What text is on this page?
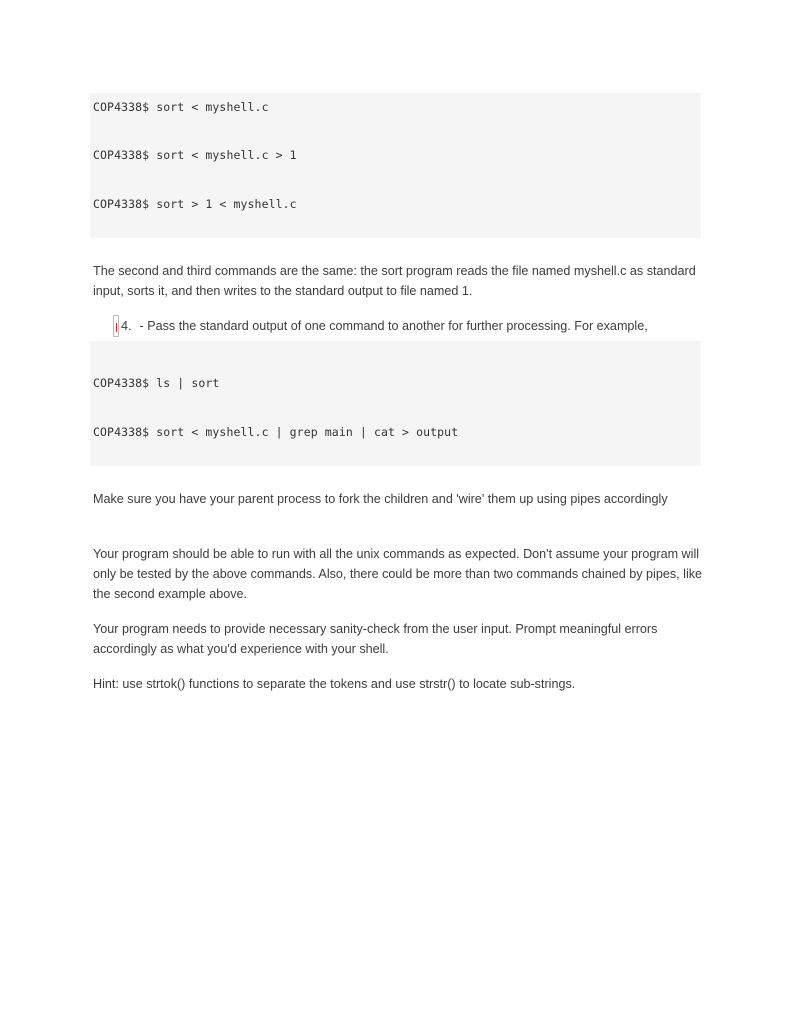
COP4338$ sort < myshell.c
COP4338$ sort < myshell.c > 1
COP4338$ sort > 1 < myshell.c

The second and third commands are the same: the sort program reads the file named myshell.c as standard input, sorts it, and then writes to the standard output to file named 1.

4. - Pass the standard output of one command to another for further processing. For example,
COP4338$ ls | sort
COP4338$ sort < myshell.c | grep main | cat > output

Make sure you have your parent process to fork the children and 'wire' them up using pipes accordingly

Your program should be able to run with all the unix commands as expected. Don't assume your program will only be tested by the above commands. Also, there could be more than two commands chained by pipes, like the second example above.

Your program needs to provide necessary sanity-check from the user input. Prompt meaningful errors accordingly as what you'd experience with your shell.

Hint: use strtok() functions to separate the tokens and use strstr() to locate sub-strings.
